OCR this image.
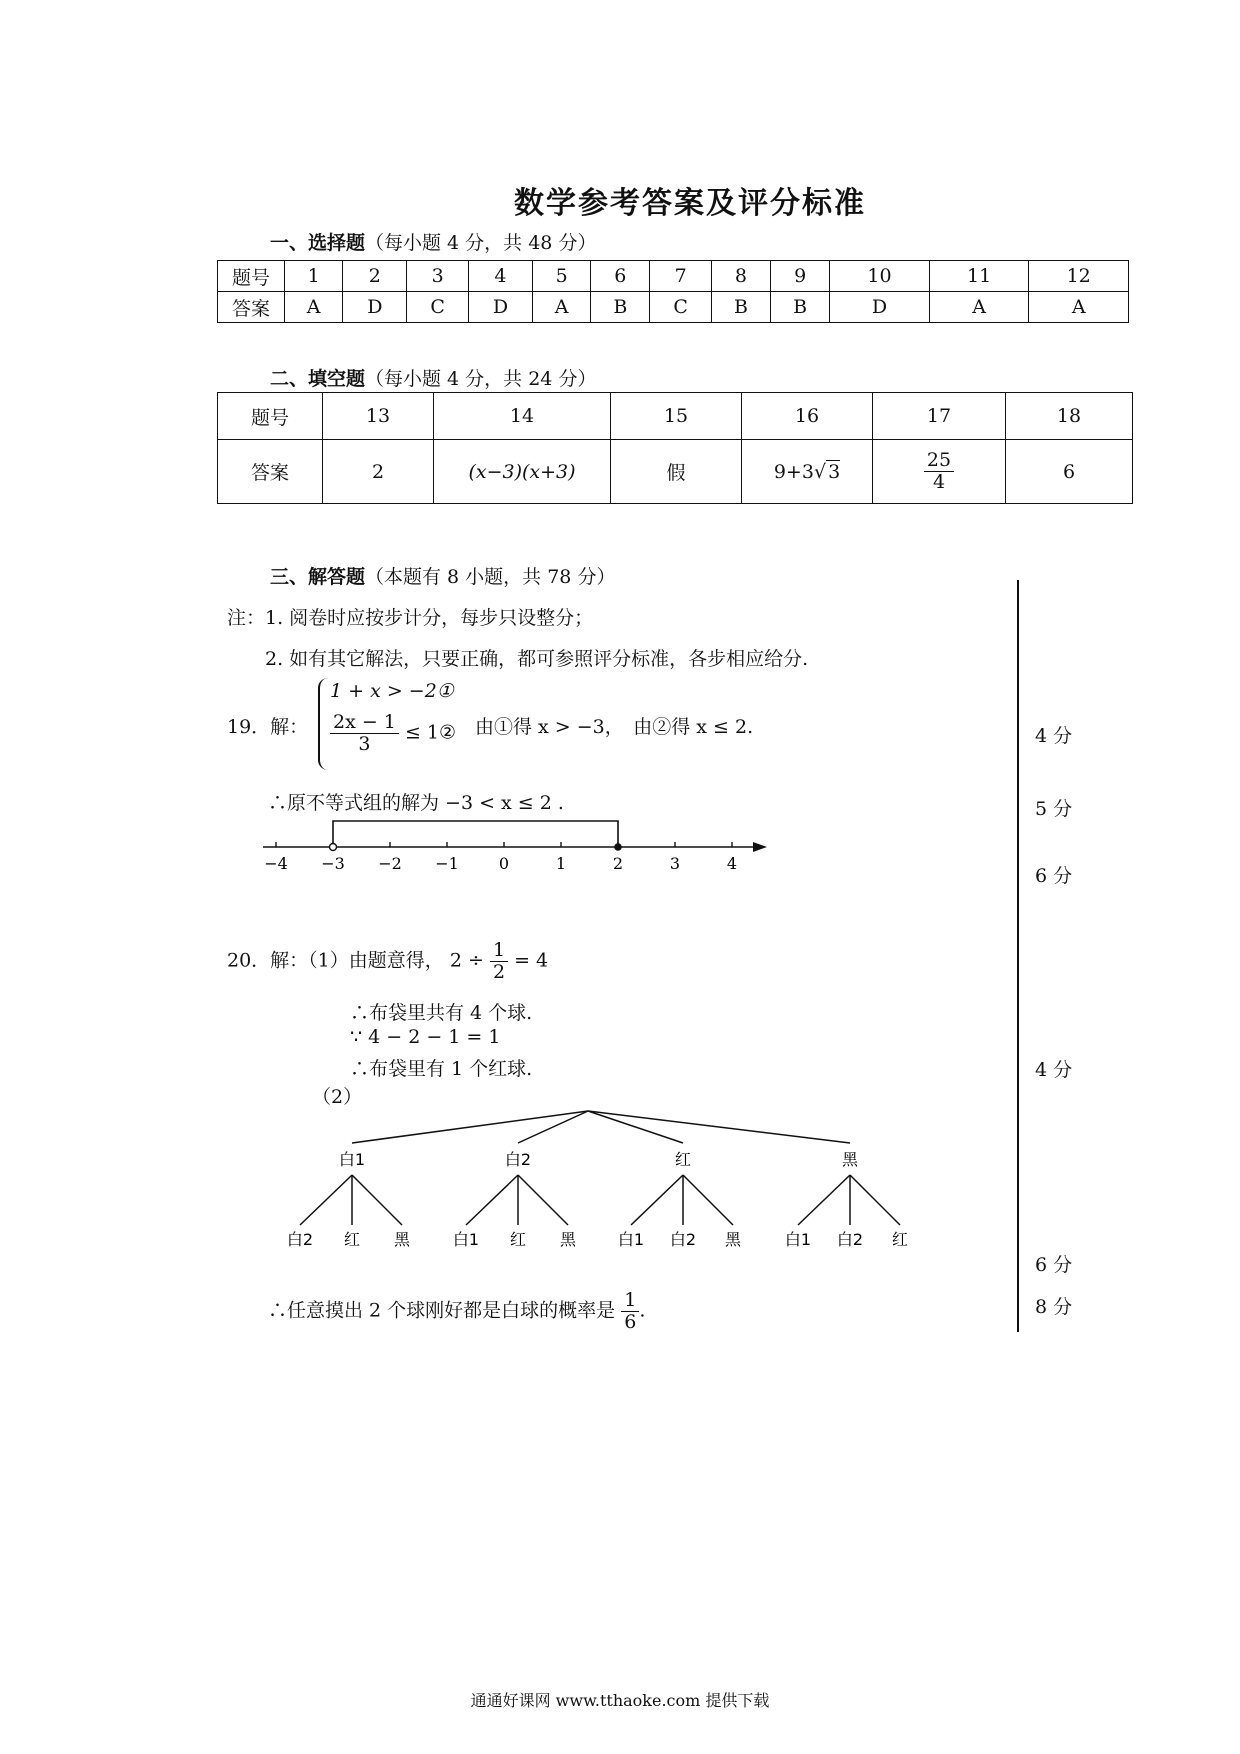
数学参考答案及评分标准
一、选择题（每小题 4 分，共 48 分）
题号	1	2	3	4	5	6	7	8	9	10	11	12
答案	A	D	C	D	A	B	C	B	B	D	A	A
二、填空题（每小题 4 分，共 24 分）
题号	13	14	15	16	17	18
答案	2	(x−3)(x+3)	假	9+3√ 3	$\frac{25}{4}$	6
三、解答题（本题有 8 小题，共 78 分）
注：1. 阅卷时应按步计分，每步只设整分；
2. 如有其它解法，只要正确，都可参照评分标准，各步相应给分.
19．解：
1 + x > −2①
$\frac{2x - 1}{3}$ ≤ 1② 由①得 x > −3，　由②得 x ≤ 2.
∴原不等式组的解为 −3 < x ≤ 2 .
−4 −3 −2 −1	0	1	2	3	4
4 分
5 分
6 分
20．解：（1）由题意得， $2 \div \frac{1}{2} = 4$
∴布袋里共有 4 个球.
∵ 4 − 2 − 1 = 1
∴布袋里有 1 个红球.
（2）
白1
白2 红 黑
白2
白1 红 黑
红
白1 白2 黑
黑
白1 白2 红
∴任意摸出 2 个球刚好都是白球的概率是 $\frac{1}{6}$ .
4 分
6 分
8 分
通通好课网 www.tthaoke.com 提供下载
